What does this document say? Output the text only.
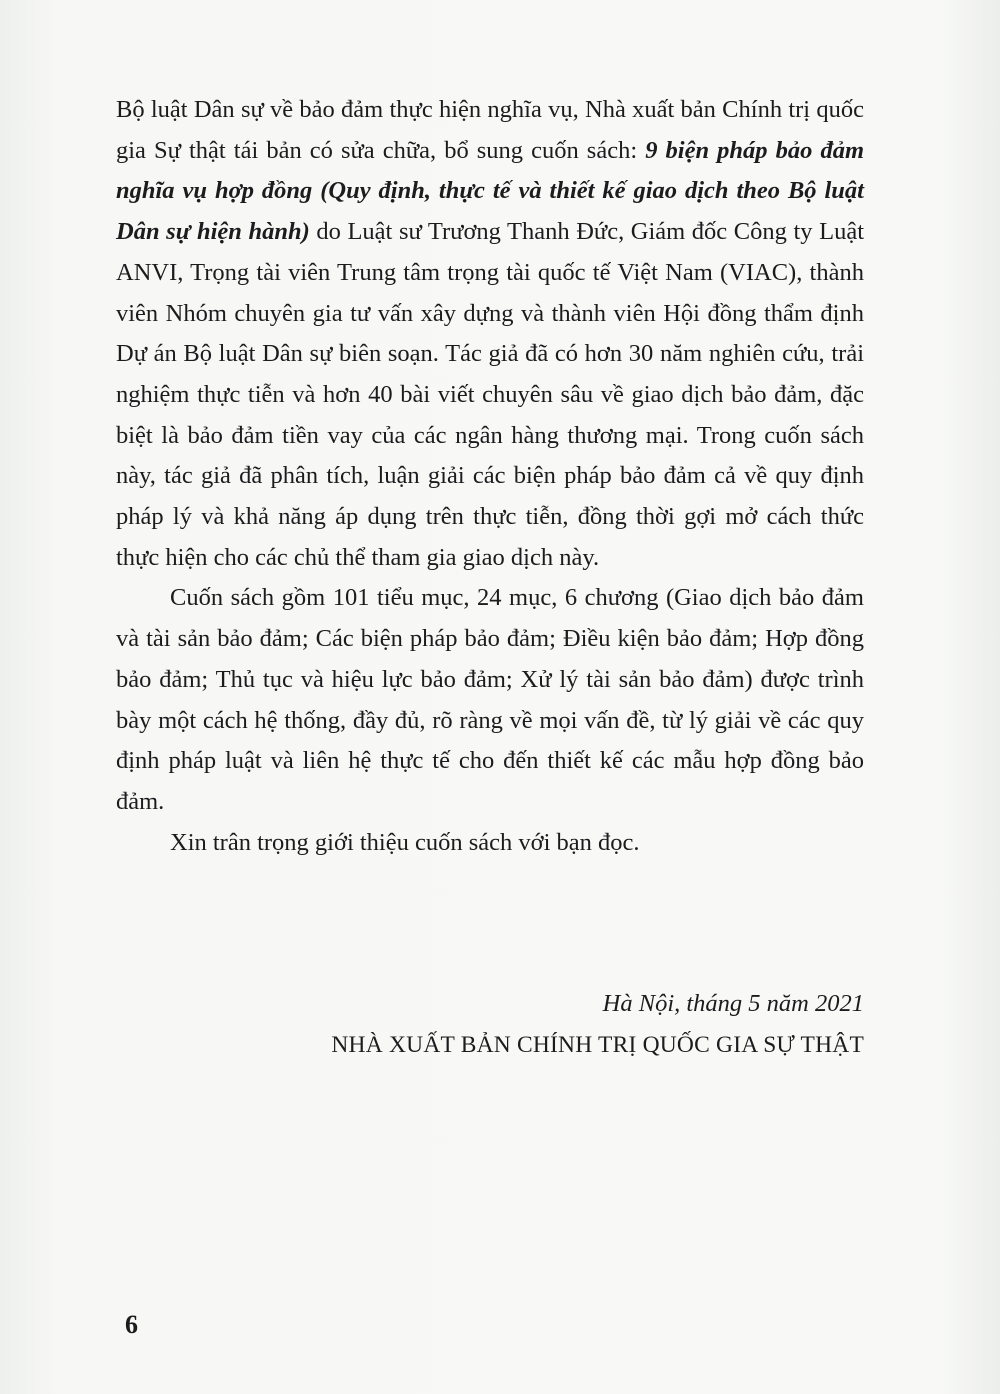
Bộ luật Dân sự về bảo đảm thực hiện nghĩa vụ, Nhà xuất bản Chính trị quốc gia Sự thật tái bản có sửa chữa, bổ sung cuốn sách: 9 biện pháp bảo đảm nghĩa vụ hợp đồng (Quy định, thực tế và thiết kế giao dịch theo Bộ luật Dân sự hiện hành) do Luật sư Trương Thanh Đức, Giám đốc Công ty Luật ANVI, Trọng tài viên Trung tâm trọng tài quốc tế Việt Nam (VIAC), thành viên Nhóm chuyên gia tư vấn xây dựng và thành viên Hội đồng thẩm định Dự án Bộ luật Dân sự biên soạn. Tác giả đã có hơn 30 năm nghiên cứu, trải nghiệm thực tiễn và hơn 40 bài viết chuyên sâu về giao dịch bảo đảm, đặc biệt là bảo đảm tiền vay của các ngân hàng thương mại. Trong cuốn sách này, tác giả đã phân tích, luận giải các biện pháp bảo đảm cả về quy định pháp lý và khả năng áp dụng trên thực tiễn, đồng thời gợi mở cách thức thực hiện cho các chủ thể tham gia giao dịch này.

Cuốn sách gồm 101 tiểu mục, 24 mục, 6 chương (Giao dịch bảo đảm và tài sản bảo đảm; Các biện pháp bảo đảm; Điều kiện bảo đảm; Hợp đồng bảo đảm; Thủ tục và hiệu lực bảo đảm; Xử lý tài sản bảo đảm) được trình bày một cách hệ thống, đầy đủ, rõ ràng về mọi vấn đề, từ lý giải về các quy định pháp luật và liên hệ thực tế cho đến thiết kế các mẫu hợp đồng bảo đảm.

Xin trân trọng giới thiệu cuốn sách với bạn đọc.

Hà Nội, tháng 5 năm 2021
NHÀ XUẤT BẢN CHÍNH TRỊ QUỐC GIA SỰ THẬT
6
